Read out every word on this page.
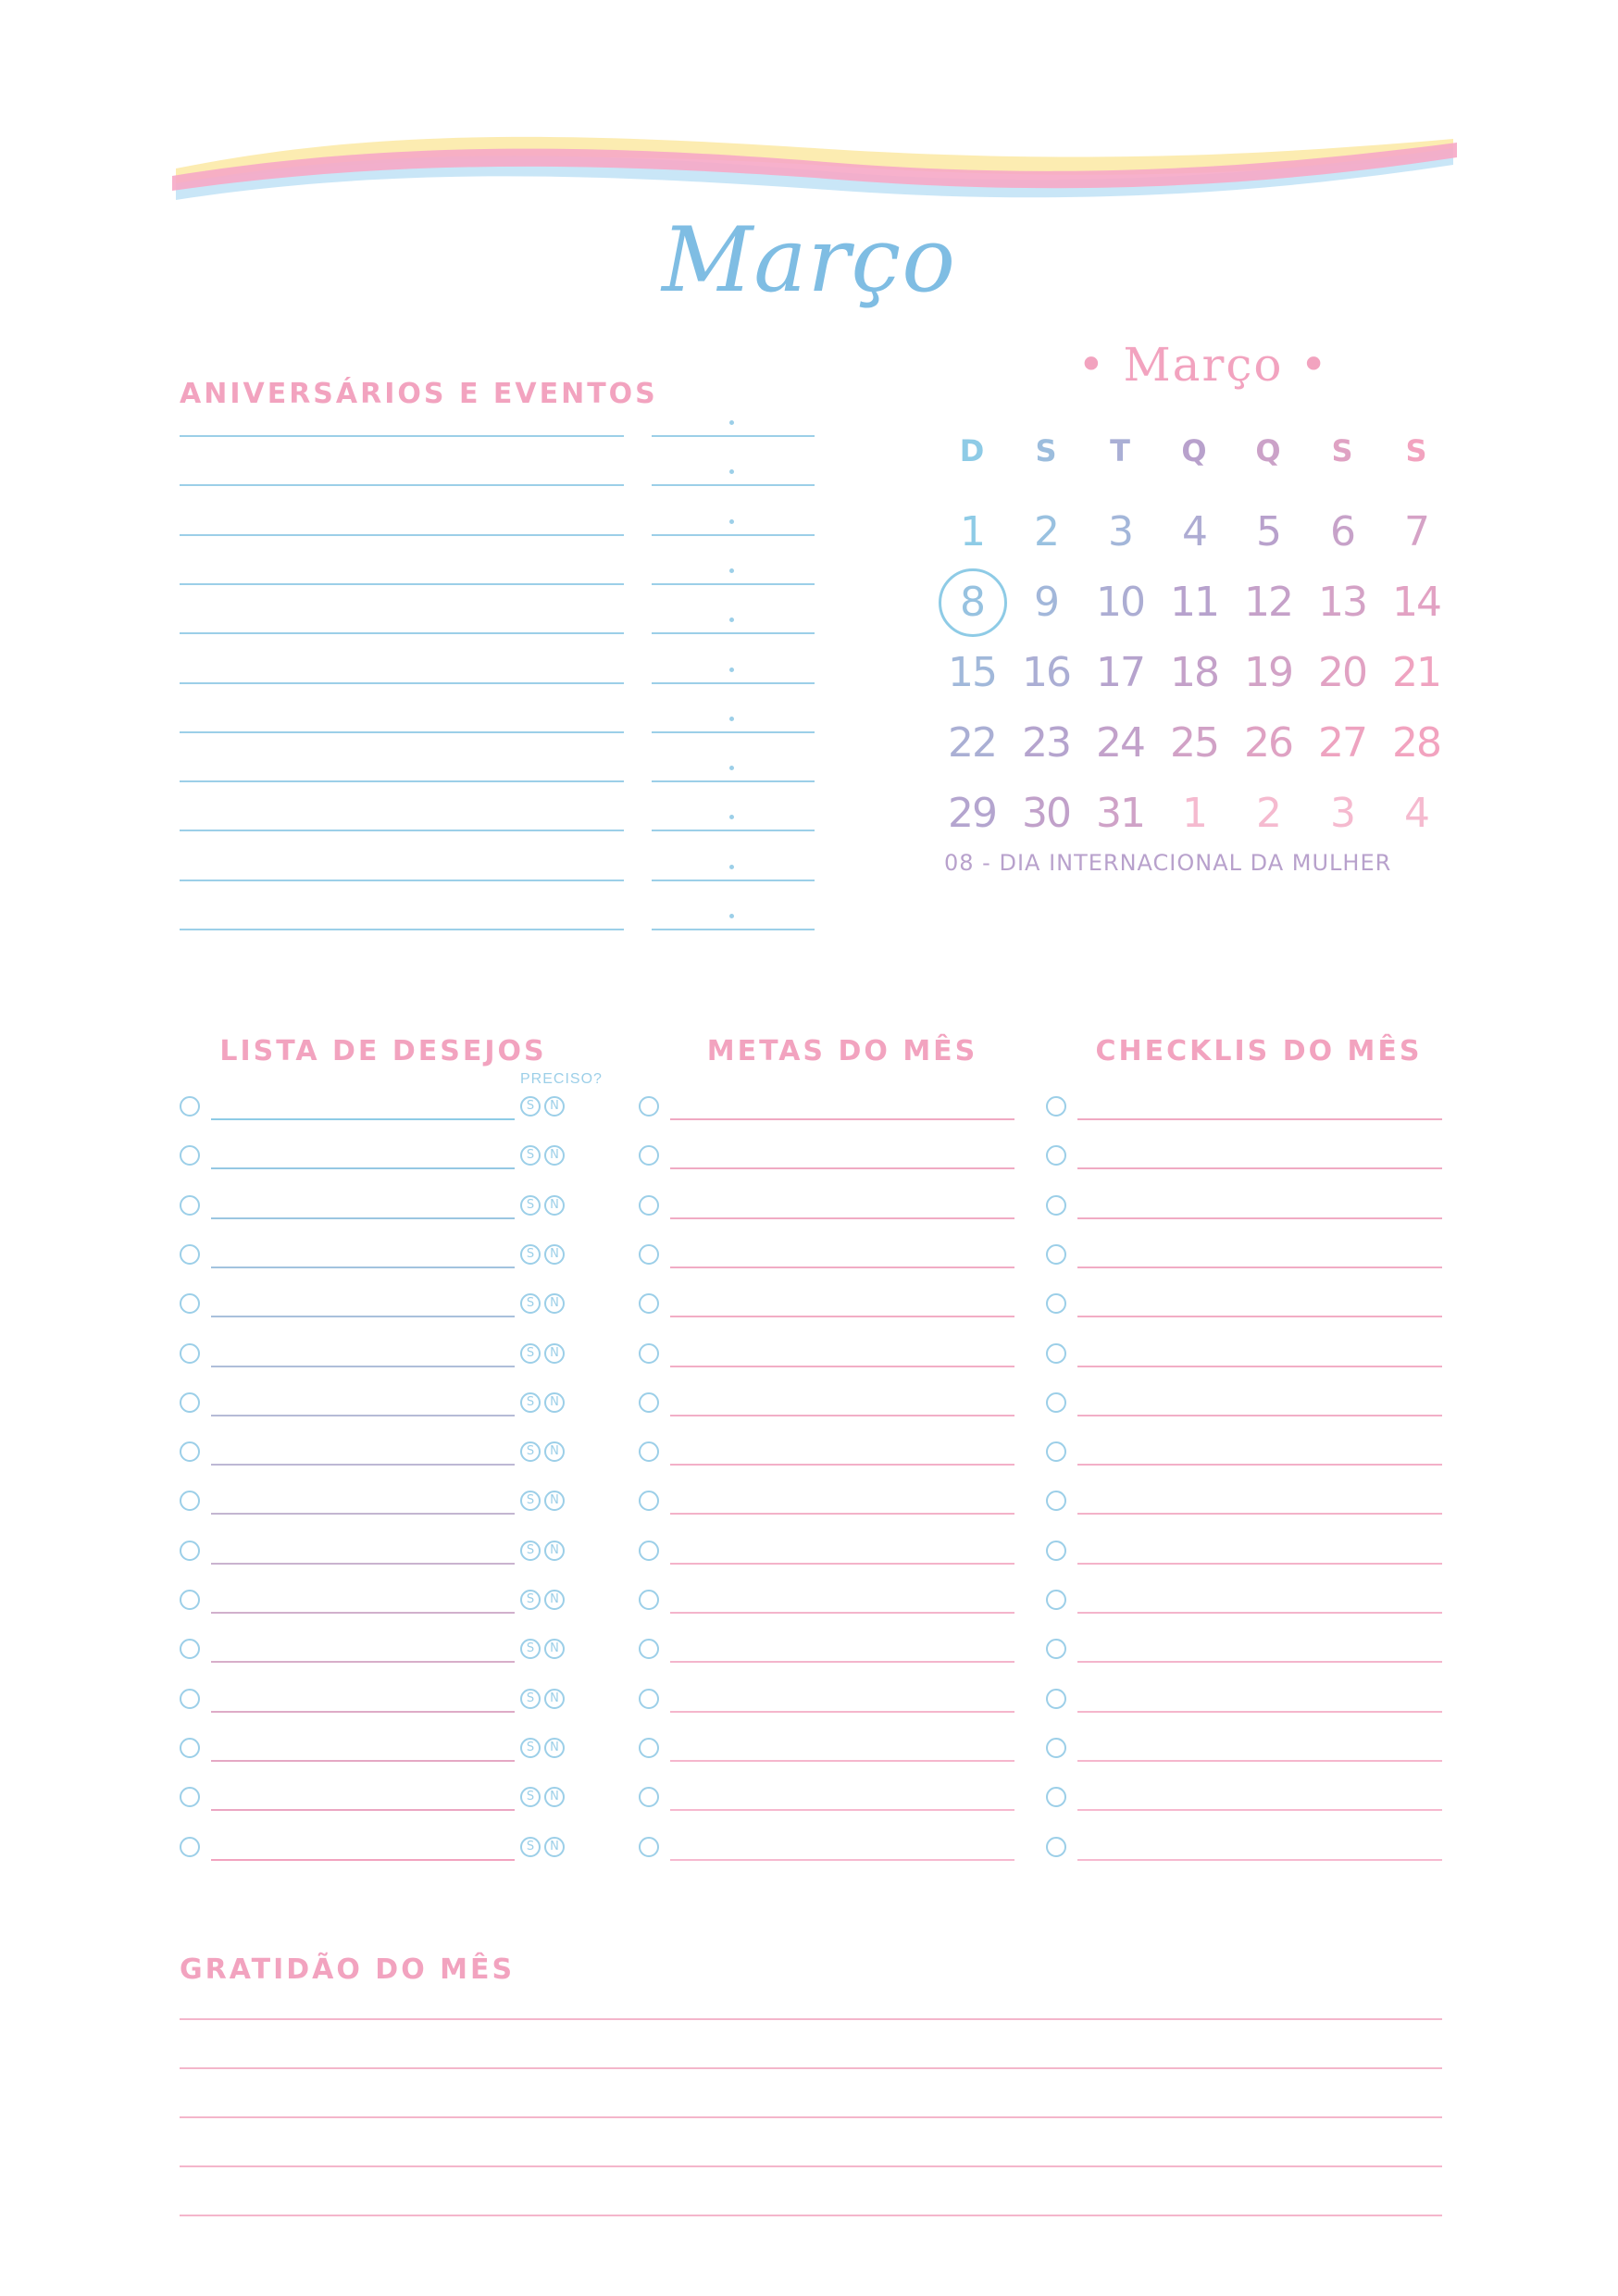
Março
ANIVERSÁRIOS E EVENTOS
• Março •
D	S	T	Q	Q	S	S
1	2	3	4	5	6	7
8	9 10 11 12 13 14
15 16 17 18 19 20 21
22 23 24 25 26 27 28
29 30 31 1	2	3	4
08 - DIA INTERNACIONAL DA MULHER
LISTA DE DESEJOS	METAS DO MÊS	CHECKLIS DO MÊS
PRECISO?
S	N
S	N
S	N
S	N
S	N
S	N
S	N
S	N
S	N
S	N
S	N
S	N
S	N
S	N
S	N
S	N
GRATIDÃO DO MÊS
